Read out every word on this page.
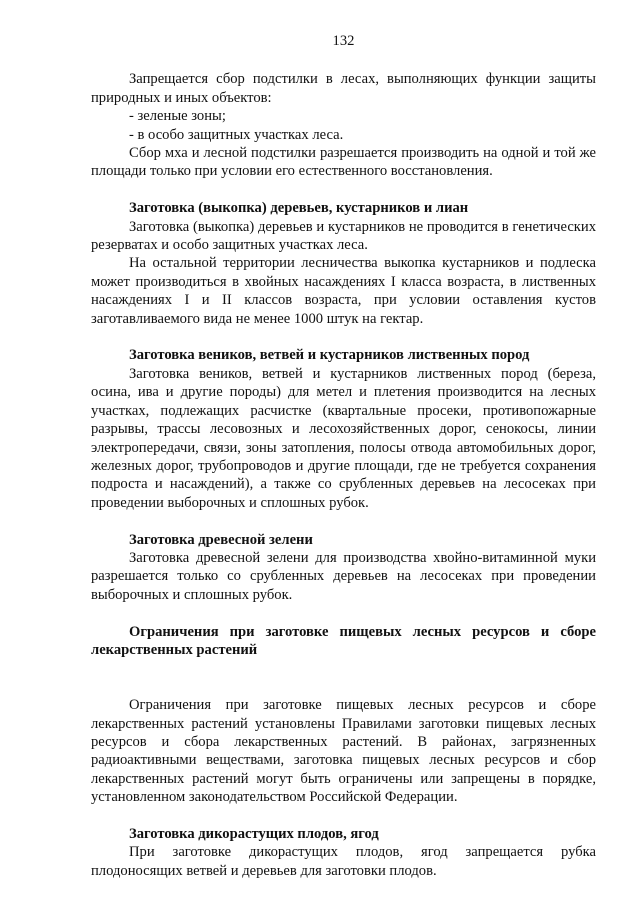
132

Запрещается сбор подстилки в лесах, выполняющих функции защиты природных и иных объектов:

- зеленые зоны;

- в особо защитных участках леса.

Сбор мха и лесной подстилки разрешается производить на одной и той же площади только при условии его естественного восстановления.

Заготовка (выкопка) деревьев, кустарников и лиан

Заготовка (выкопка) деревьев и кустарников не проводится в генетических резерватах и особо защитных участках леса.

На остальной территории лесничества выкопка кустарников и подлеска может производиться в хвойных насаждениях I класса возраста, в лиственных насаждениях I и II классов возраста, при условии оставления кустов заготавливаемого вида не менее 1000 штук на гектар.

Заготовка веников, ветвей и кустарников лиственных пород

Заготовка веников, ветвей и кустарников лиственных пород (береза, осина, ива и другие породы) для метел и плетения производится на лесных участках, подлежащих расчистке (квартальные просеки, противопожарные разрывы, трассы лесовозных и лесохозяйственных дорог, сенокосы, линии электропередачи, связи, зоны затопления, полосы отвода автомобильных дорог, железных дорог, трубопроводов и другие площади, где не требуется сохранения подроста и насаждений), а также со срубленных деревьев на лесосеках при проведении выборочных и сплошных рубок.

Заготовка древесной зелени

Заготовка древесной зелени для производства хвойно-витаминной муки разрешается только со срубленных деревьев на лесосеках при проведении выборочных и сплошных рубок.

Ограничения при заготовке пищевых лесных ресурсов и сборе лекарственных растений

Ограничения при заготовке пищевых лесных ресурсов и сборе лекарственных растений установлены Правилами заготовки пищевых лесных ресурсов и сбора лекарственных растений. В районах, загрязненных радиоактивными веществами, заготовка пищевых лесных ресурсов и сбор лекарственных растений могут быть ограничены или запрещены в порядке, установленном законодательством Российской Федерации.

Заготовка дикорастущих плодов, ягод

При заготовке дикорастущих плодов, ягод запрещается рубка плодоносящих ветвей и деревьев для заготовки плодов.
